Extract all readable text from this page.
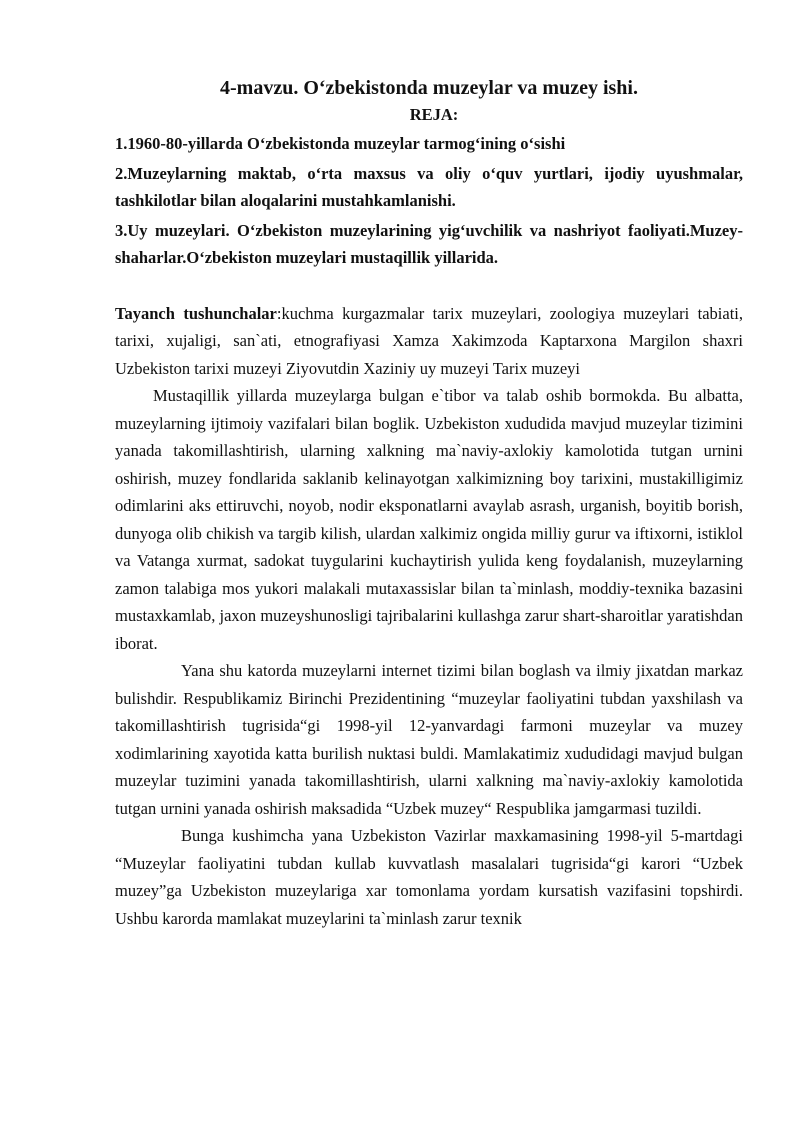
4-mavzu. O‘zbekistonda muzeylar va muzey ishi.
REJA:

1.1960-80-yillarda O‘zbekistonda muzeylar tarmog‘ining o‘sishi

2.Muzeylarning maktab, o‘rta maxsus va oliy o‘quv yurtlari, ijodiy uyushmalar, tashkilotlar bilan aloqalarini mustahkamlanishi.

3.Uy muzeylari. O‘zbekiston muzeylarining yig‘uvchilik va nashriyot faoliyati.Muzey-shaharlar.O‘zbekiston muzeylari mustaqillik yillarida.

Tayanch tushunchalar:kuchma kurgazmalar tarix muzeylari, zoologiya muzeylari tabiati, tarixi, xujaligi, san`ati, etnografiyasi Xamza Xakimzoda Kaptarxona Margilon shaxri Uzbekiston tarixi muzeyi Ziyovutdin Xaziniy uy muzeyi Tarix muzeyi

Mustaqillik yillarda muzeylarga bulgan e`tibor va talab oshib bormokda. Bu albatta, muzeylarning ijtimoiy vazifalari bilan boglik. Uzbekiston xududida mavjud muzeylar tizimini yanada takomillashtirish, ularning xalkning ma`naviy-axlokiy kamolotida tutgan urnini oshirish, muzey fondlarida saklanib kelinayotgan xalkimizning boy tarixini, mustakilligimiz odimlarini aks ettiruvchi, noyob, nodir eksponatlarni avaylab asrash, urganish, boyitib borish, dunyoga olib chikish va targib kilish, ulardan xalkimiz ongida milliy gurur va iftixorni, istiklol va Vatanga xurmat, sadokat tuygularini kuchaytirish yulida keng foydalanish, muzeylarning zamon talabiga mos yukori malakali mutaxassislar bilan ta`minlash, moddiy-texnika bazasini mustaxkamlab, jaxon muzeyshunosligi tajribalarini kullashga zarur shart-sharoitlar yaratishdan iborat.

Yana shu katorda muzeylarni internet tizimi bilan boglash va ilmiy jixatdan markaz bulishdir. Respublikamiz Birinchi Prezidentining “muzeylar faoliyatini tubdan yaxshilash va takomillashtirish tugrisida“gi 1998-yil 12-yanvardagi farmoni muzeylar va muzey xodimlarining xayotida katta burilish nuktasi buldi. Mamlakatimiz xududidagi mavjud bulgan muzeylar tuzimini yanada takomillashtirish, ularni xalkning ma`naviy-axlokiy kamolotida tutgan urnini yanada oshirish maksadida “Uzbek muzey“ Respublika jamgarmasi tuzildi.

Bunga kushimcha yana Uzbekiston Vazirlar maxkamasining 1998-yil 5-martdagi “Muzeylar faoliyatini tubdan kullab kuvvatlash masalalari tugrisida“gi karori “Uzbek muzey”ga Uzbekiston muzeylariga xar tomonlama yordam kursatish vazifasini topshirdi. Ushbu karorda mamlakat muzeylarini ta`minlash zarur texnik
